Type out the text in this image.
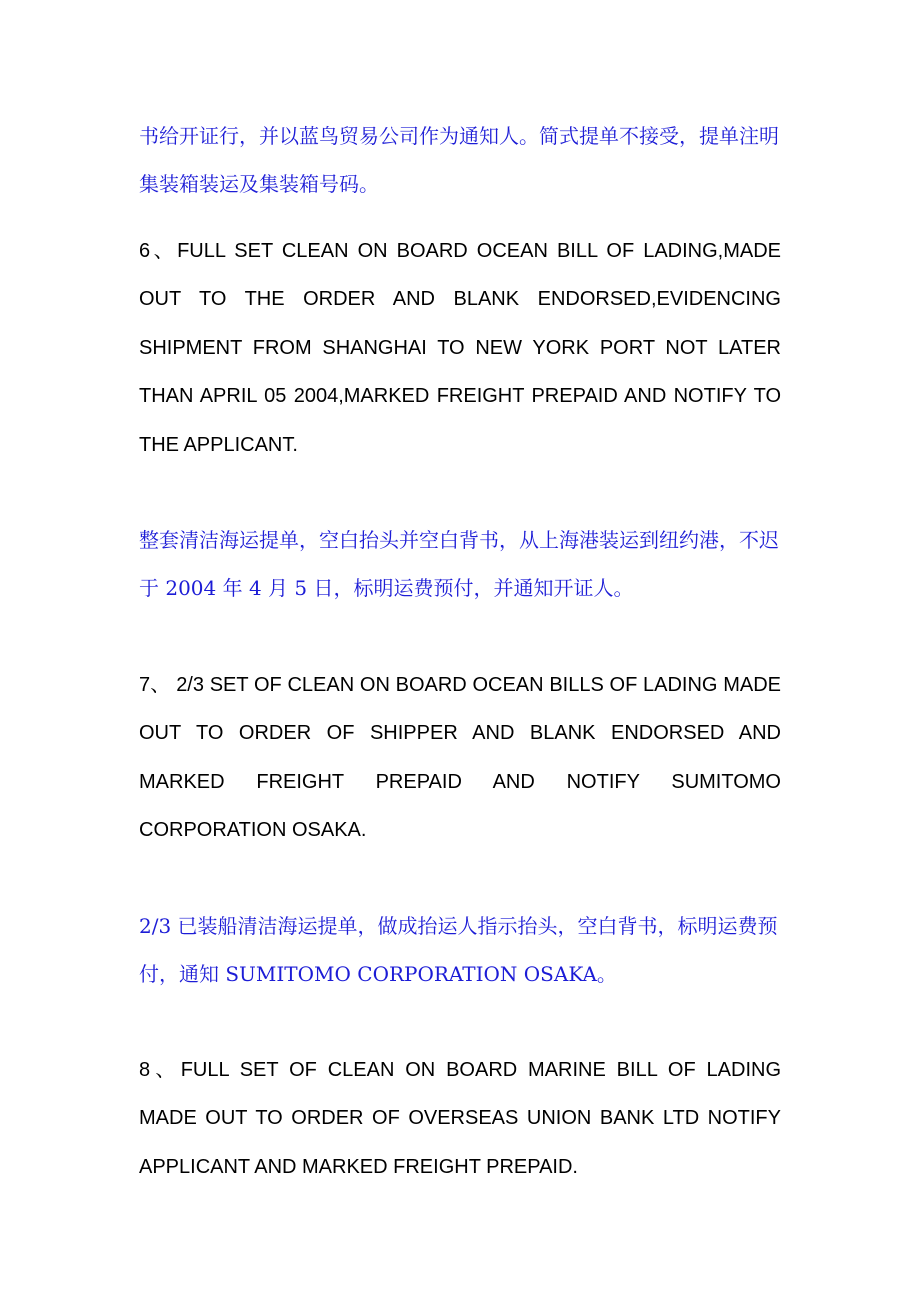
书给开证行，并以蓝鸟贸易公司作为通知人。简式提单不接受，提单注明集装箱装运及集装箱号码。

6、FULL SET CLEAN ON BOARD OCEAN BILL OF LADING,MADE OUT TO THE ORDER AND BLANK ENDORSED,EVIDENCING SHIPMENT FROM SHANGHAI TO NEW YORK PORT NOT LATER THAN APRIL 05 2004,MARKED FREIGHT PREPAID AND NOTIFY TO THE APPLICANT.

整套清洁海运提单，空白抬头并空白背书，从上海港装运到纽约港，不迟于 2004 年 4 月 5 日，标明运费预付，并通知开证人。

7、 2/3 SET OF CLEAN ON BOARD OCEAN BILLS OF LADING MADE OUT TO ORDER OF SHIPPER AND BLANK ENDORSED AND MARKED FREIGHT PREPAID AND NOTIFY SUMITOMO CORPORATION OSAKA.

2/3 已装船清洁海运提单，做成抬运人指示抬头，空白背书，标明运费预付，通知 SUMITOMO CORPORATION OSAKA。

8、FULL SET OF CLEAN ON BOARD MARINE BILL OF LADING MADE OUT TO ORDER OF OVERSEAS UNION BANK LTD NOTIFY APPLICANT AND MARKED FREIGHT PREPAID.
